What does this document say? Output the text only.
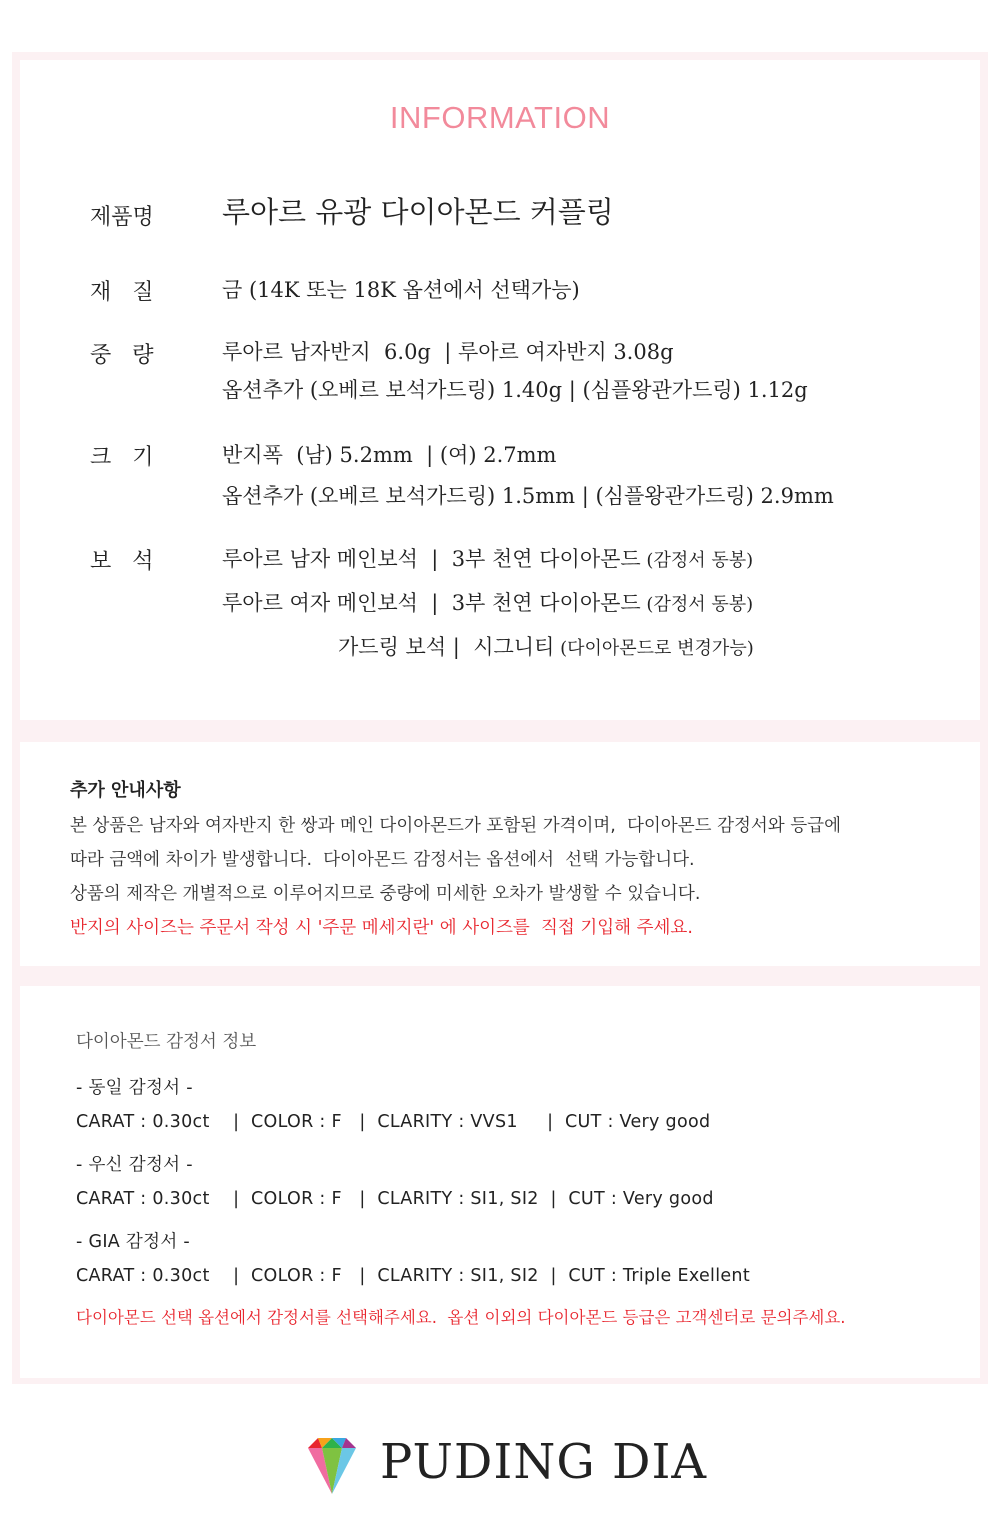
INFORMATION
제품명 루아르 유광 다이아몬드 커플링
재   질	금 (14K 또는 18K 옵션에서 선택가능)
중   량	루아르 남자반지  6.0g  | 루아르 여자반지 3.08g
옵션추가 (오베르 보석가드링) 1.40g | (심플왕관가드링) 1.12g
크   기	반지폭  (남) 5.2mm  | (여) 2.7mm
옵션추가 (오베르 보석가드링) 1.5mm | (심플왕관가드링) 2.9mm
보   석	루아르 남자 메인보석  |  3부 천연 다이아몬드 (감정서 동봉)
루아르 여자 메인보석  |  3부 천연 다이아몬드 (감정서 동봉)
가드링 보석 |  시그니티 (다이아몬드로 변경가능)
추가 안내사항
본 상품은 남자와 여자반지 한 쌍과 메인 다이아몬드가 포함된 가격이며,  다이아몬드 감정서와 등급에
따라 금액에 차이가 발생합니다.  다이아몬드 감정서는 옵션에서  선택 가능합니다.
상품의 제작은 개별적으로 이루어지므로 중량에 미세한 오차가 발생할 수 있습니다.
반지의 사이즈는 주문서 작성 시 '주문 메세지란' 에 사이즈를  직접 기입해 주세요.
다이아몬드 감정서 정보
- 동일 감정서 -
CARAT : 0.30ct    |  COLOR : F   |  CLARITY : VVS1     |  CUT : Very good
- 우신 감정서 -
CARAT : 0.30ct    |  COLOR : F   |  CLARITY : SI1, SI2  |  CUT : Very good
- GIA 감정서 -
CARAT : 0.30ct    |  COLOR : F   |  CLARITY : SI1, SI2  |  CUT : Triple Exellent
다이아몬드 선택 옵션에서 감정서를 선택해주세요.  옵션 이외의 다이아몬드 등급은 고객센터로 문의주세요.
PUDING DIA
